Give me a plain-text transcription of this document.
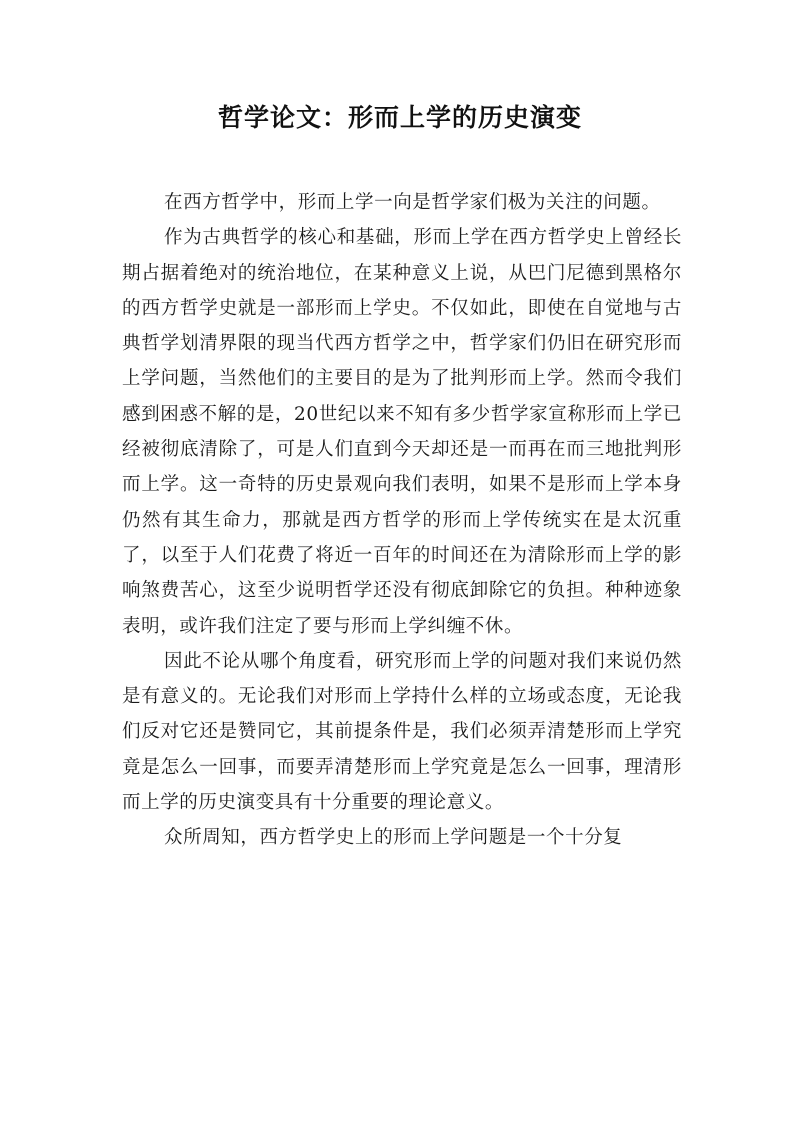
哲学论文：形而上学的历史演变

在西方哲学中，形而上学一向是哲学家们极为关注的问题。

作为古典哲学的核心和基础，形而上学在西方哲学史上曾经长期占据着绝对的统治地位，在某种意义上说，从巴门尼德到黑格尔的西方哲学史就是一部形而上学史。不仅如此，即使在自觉地与古典哲学划清界限的现当代西方哲学之中，哲学家们仍旧在研究形而上学问题，当然他们的主要目的是为了批判形而上学。然而令我们感到困惑不解的是，20世纪以来不知有多少哲学家宣称形而上学已经被彻底清除了，可是人们直到今天却还是一而再在而三地批判形而上学。这一奇特的历史景观向我们表明，如果不是形而上学本身仍然有其生命力，那就是西方哲学的形而上学传统实在是太沉重了，以至于人们花费了将近一百年的时间还在为清除形而上学的影响煞费苦心，这至少说明哲学还没有彻底卸除它的负担。种种迹象表明，或许我们注定了要与形而上学纠缠不休。

因此不论从哪个角度看，研究形而上学的问题对我们来说仍然是有意义的。无论我们对形而上学持什么样的立场或态度，无论我们反对它还是赞同它，其前提条件是，我们必须弄清楚形而上学究竟是怎么一回事，而要弄清楚形而上学究竟是怎么一回事，理清形而上学的历史演变具有十分重要的理论意义。

众所周知，西方哲学史上的形而上学问题是一个十分复
